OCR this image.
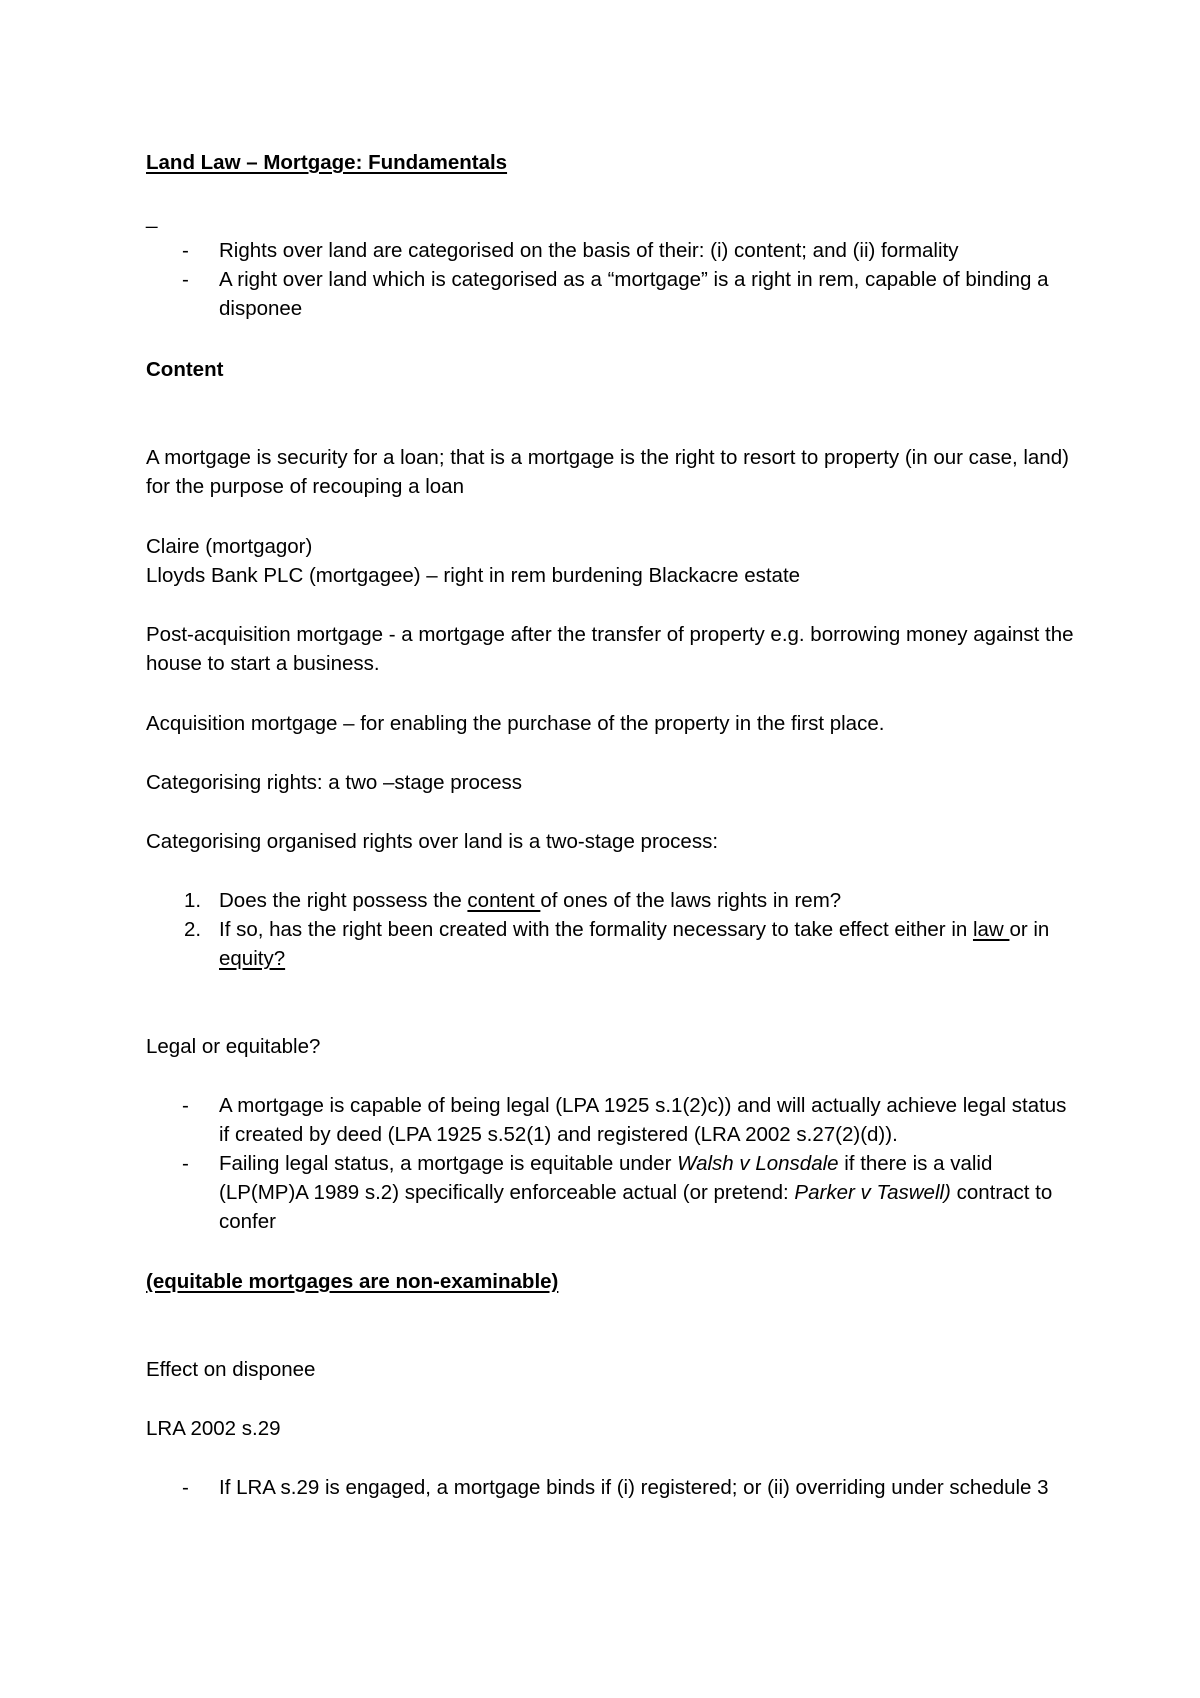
Land Law – Mortgage: Fundamentals

_

- Rights over land are categorised on the basis of their: (i) content; and (ii) formality
- A right over land which is categorised as a “mortgage” is a right in rem, capable of binding a disponee

Content

A mortgage is security for a loan; that is a mortgage is the right to resort to property (in our case, land) for the purpose of recouping a loan

Claire (mortgagor)

Lloyds Bank PLC (mortgagee) – right in rem burdening Blackacre estate

Post-acquisition mortgage - a mortgage after the transfer of property e.g. borrowing money against the house to start a business.

Acquisition mortgage – for enabling the purchase of the property in the first place.

Categorising rights: a two –stage process

Categorising organised rights over land is a two-stage process:

1. Does the right possess the content of ones of the laws rights in rem?
2. If so, has the right been created with the formality necessary to take effect either in law or in equity?

Legal or equitable?

- A mortgage is capable of being legal (LPA 1925 s.1(2)c)) and will actually achieve legal status if created by deed (LPA 1925 s.52(1) and registered (LRA 2002 s.27(2)(d)).
- Failing legal status, a mortgage is equitable under Walsh v Lonsdale if there is a valid (LP(MP)A 1989 s.2) specifically enforceable actual (or pretend: Parker v Taswell) contract to confer

(equitable mortgages are non-examinable)

Effect on disponee

LRA 2002 s.29

- If LRA s.29 is engaged, a mortgage binds if (i) registered; or (ii) overriding under schedule 3
